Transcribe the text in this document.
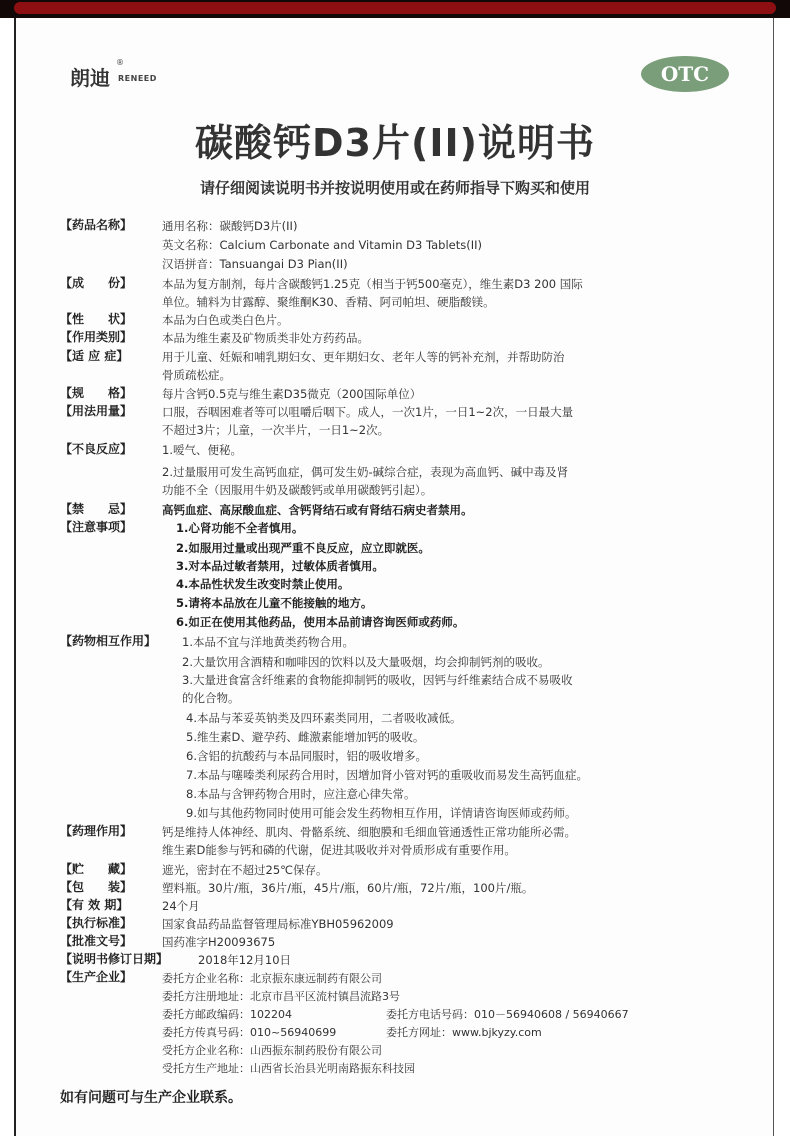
朗迪
®
RENEED	OTC
碳酸钙D3片(II)说明书
请仔细阅读说明书并按说明使用或在药师指导下购买和使用
【药品名称】	通用名称：碳酸钙D3片(II)
英文名称：Calcium Carbonate and Vitamin D3 Tablets(II)
汉语拼音：Tansuangai D3 Pian(II)
【成　　份】	本品为复方制剂，每片含碳酸钙1.25克（相当于钙500毫克），维生素D3 200 国际
单位。辅料为甘露醇、聚维酮K30、香精、阿司帕坦、硬脂酸镁。
【性　　状】	本品为白色或类白色片。
【作用类别】	本品为维生素及矿物质类非处方药药品。
【适 应 症】	用于儿童、妊娠和哺乳期妇女、更年期妇女、老年人等的钙补充剂，并帮助防治
骨质疏松症。
【规　　格】	每片含钙0.5克与维生素D35微克（200国际单位）
【用法用量】	口服，吞咽困难者等可以咀嚼后咽下。成人，一次1片，一日1~2次，一日最大量
不超过3片；儿童，一次半片，一日1~2次。
【不良反应】	1.嗳气、便秘。
2.过量服用可发生高钙血症，偶可发生奶-碱综合症，表现为高血钙、碱中毒及肾
功能不全（因服用牛奶及碳酸钙或单用碳酸钙引起）。
【禁　　忌】	高钙血症、高尿酸血症、含钙肾结石或有肾结石病史者禁用。
【注意事项】	1.心肾功能不全者慎用。
2.如服用过量或出现严重不良反应，应立即就医。
3.对本品过敏者禁用，过敏体质者慎用。
4.本品性状发生改变时禁止使用。
5.请将本品放在儿童不能接触的地方。
6.如正在使用其他药品，使用本品前请咨询医师或药师。
【药物相互作用】 1.本品不宜与洋地黄类药物合用。
2.大量饮用含酒精和咖啡因的饮料以及大量吸烟，均会抑制钙剂的吸收。
3.大量进食富含纤维素的食物能抑制钙的吸收，因钙与纤维素结合成不易吸收
的化合物。
4.本品与苯妥英钠类及四环素类同用，二者吸收减低。
5.维生素D、避孕药、雌激素能增加钙的吸收。
6.含铝的抗酸药与本品同服时，铝的吸收增多。
7.本品与噻嗪类利尿药合用时，因增加肾小管对钙的重吸收而易发生高钙血症。
8.本品与含钾药物合用时，应注意心律失常。
9.如与其他药物同时使用可能会发生药物相互作用，详情请咨询医师或药师。
【药理作用】	钙是维持人体神经、肌肉、骨骼系统、细胞膜和毛细血管通透性正常功能所必需。
维生素D能参与钙和磷的代谢，促进其吸收并对骨质形成有重要作用。
【贮　　藏】	遮光，密封在不超过25℃保存。
【包　　装】	塑料瓶。30片/瓶，36片/瓶，45片/瓶，60片/瓶，72片/瓶，100片/瓶。
【有 效 期】	24个月
【执行标准】	国家食品药品监督管理局标准YBH05962009
【批准文号】	国药准字H20093675
【说明书修订日期】	2018年12月10日
【生产企业】	委托方企业名称：北京振东康远制药有限公司
委托方注册地址：北京市昌平区流村镇昌流路3号
委托方邮政编码：102204	委托方电话号码：010－56940608 / 56940667
委托方传真号码：010~56940699	委托方网址：www.bjkyzy.com
受托方企业名称：山西振东制药股份有限公司
受托方生产地址：山西省长治县光明南路振东科技园
如有问题可与生产企业联系。
